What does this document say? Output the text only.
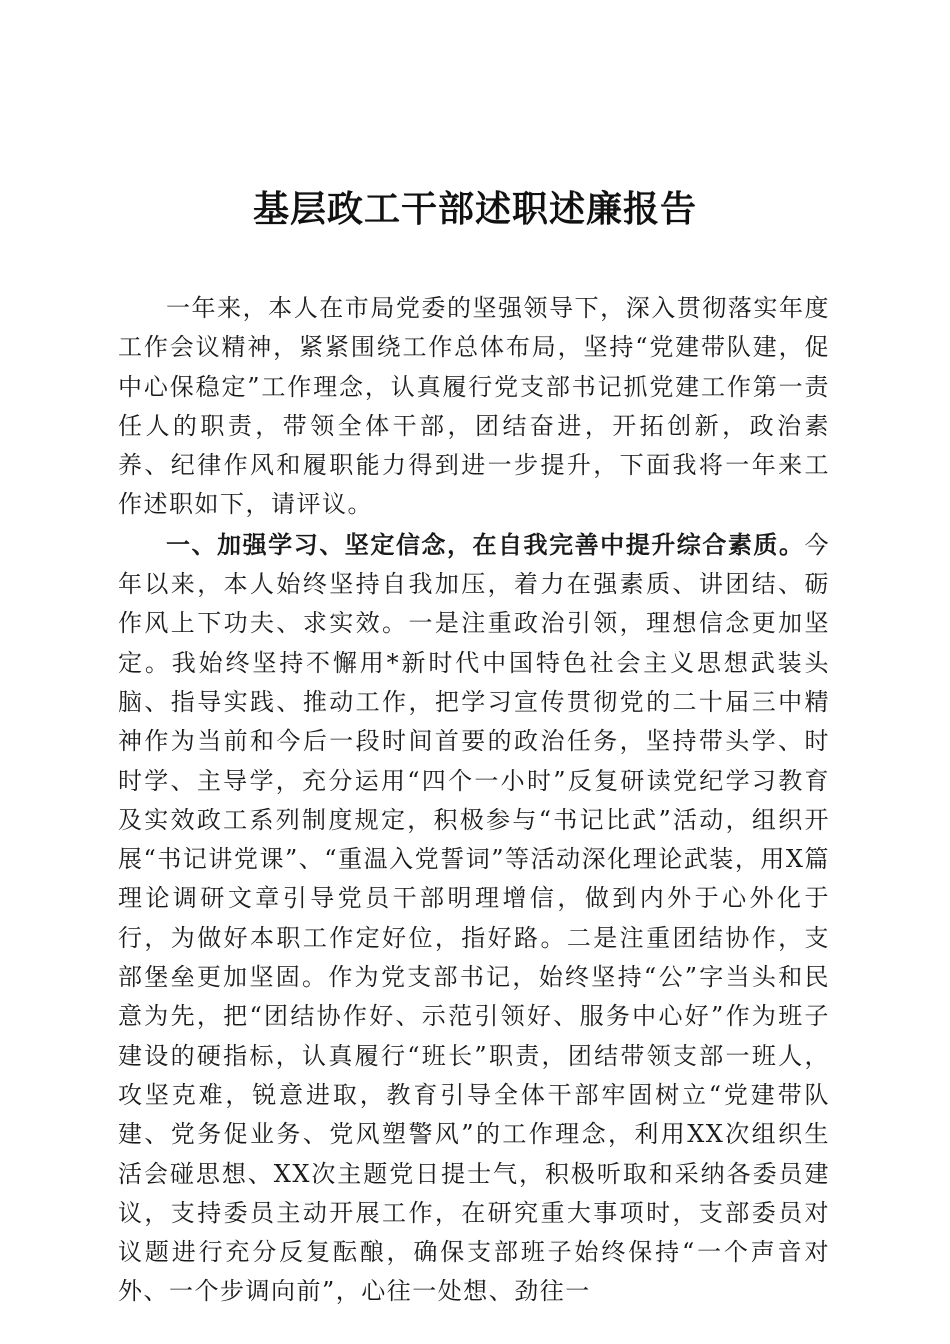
基层政工干部述职述廉报告

一年来，本人在市局党委的坚强领导下，深入贯彻落实年度工作会议精神，紧紧围绕工作总体布局，坚持“党建带队建，促中心保稳定”工作理念，认真履行党支部书记抓党建工作第一责任人的职责，带领全体干部，团结奋进，开拓创新，政治素养、纪律作风和履职能力得到进一步提升，下面我将一年来工作述职如下，请评议。

一、加强学习、坚定信念，在自我完善中提升综合素质。今年以来，本人始终坚持自我加压，着力在强素质、讲团结、砺作风上下功夫、求实效。一是注重政治引领，理想信念更加坚定。我始终坚持不懈用*新时代中国特色社会主义思想武装头脑、指导实践、推动工作，把学习宣传贯彻党的二十届三中精神作为当前和今后一段时间首要的政治任务，坚持带头学、时时学、主导学，充分运用“四个一小时”反复研读党纪学习教育及实效政工系列制度规定，积极参与“书记比武”活动，组织开展“书记讲党课”、“重温入党誓词”等活动深化理论武装，用X篇理论调研文章引导党员干部明理增信，做到内外于心外化于行，为做好本职工作定好位，指好路。二是注重团结协作，支部堡垒更加坚固。作为党支部书记，始终坚持“公”字当头和民意为先，把“团结协作好、示范引领好、服务中心好”作为班子建设的硬指标，认真履行“班长”职责，团结带领支部一班人，攻坚克难，锐意进取，教育引导全体干部牢固树立“党建带队建、党务促业务、党风塑警风”的工作理念，利用XX次组织生活会碰思想、XX次主题党日提士气，积极听取和采纳各委员建议，支持委员主动开展工作，在研究重大事项时，支部委员对议题进行充分反复酝酿，确保支部班子始终保持“一个声音对外、一个步调向前”，心往一处想、劲往一
